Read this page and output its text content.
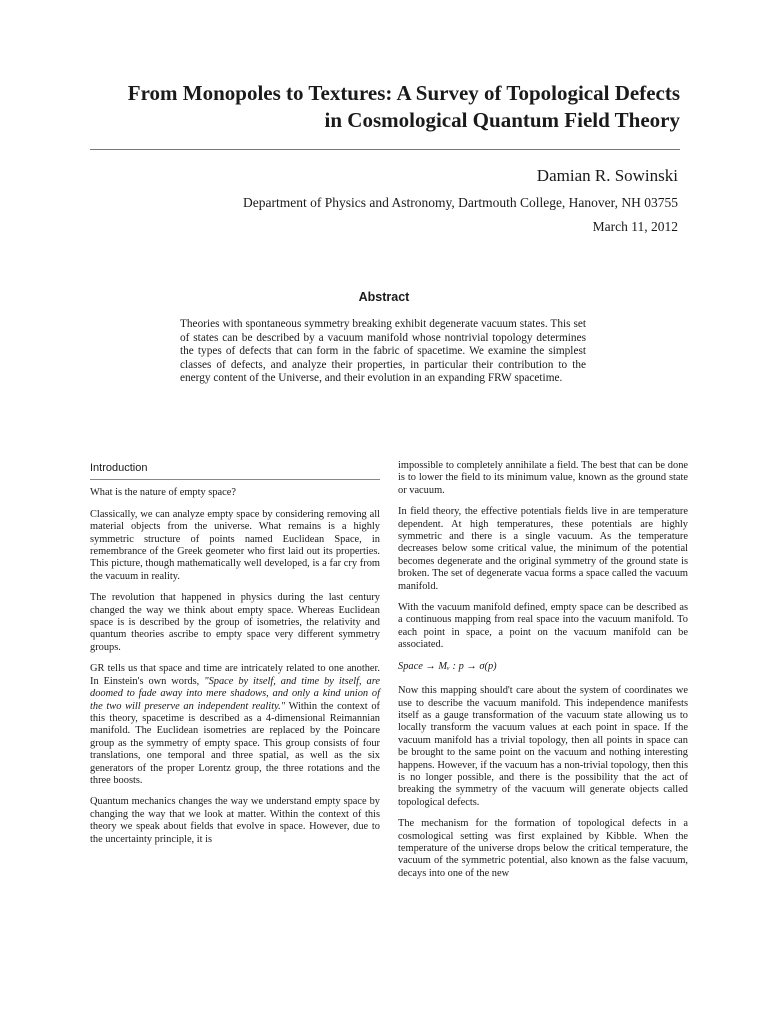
From Monopoles to Textures: A Survey of Topological Defects
in Cosmological Quantum Field Theory
Damian R. Sowinski
Department of Physics and Astronomy, Dartmouth College, Hanover, NH 03755
March 11, 2012
Abstract

Theories with spontaneous symmetry breaking exhibit degenerate vacuum states. This set of states can be described by a vacuum manifold whose nontrivial topology determines the types of defects that can form in the fabric of spacetime. We examine the simplest classes of defects, and analyze their properties, in particular their contribution to the energy content of the Universe, and their evolution in an expanding FRW spacetime.

Introduction

What is the nature of empty space?

Classically, we can analyze empty space by considering removing all material objects from the universe. What remains is a highly symmetric structure of points named Euclidean Space, in remembrance of the Greek geometer who first laid out its properties. This picture, though mathematically well developed, is a far cry from the vacuum in reality.

The revolution that happened in physics during the last century changed the way we think about empty space. Whereas Euclidean space is is described by the group of isometries, the relativity and quantum theories ascribe to empty space very different symmetry groups.

GR tells us that space and time are intricately related to one another. In Einstein's own words, "Space by itself, and time by itself, are doomed to fade away into mere shadows, and only a kind union of the two will preserve an independent reality." Within the context of this theory, spacetime is described as a 4-dimensional Reimannian manifold. The Euclidean isometries are replaced by the Poincare group as the symmetry of empty space. This group consists of four translations, one temporal and three spatial, as well as the six generators of the proper Lorentz group, the three rotations and the three boosts.

Quantum mechanics changes the way we understand empty space by changing the way that we look at matter. Within the context of this theory we speak about fields that evolve in space. However, due to the uncertainty principle, it is

impossible to completely annihilate a field. The best that can be done is to lower the field to its minimum value, known as the ground state or vacuum.

In field theory, the effective potentials fields live in are temperature dependent. At high temperatures, these potentials are highly symmetric and there is a single vacuum. As the temperature decreases below some critical value, the minimum of the potential becomes degenerate and the original symmetry of the ground state is broken. The set of degenerate vacua forms a space called the vacuum manifold.

With the vacuum manifold defined, empty space can be described as a continuous mapping from real space into the vacuum manifold. To each point in space, a point on the vacuum manifold can be associated.

Space → Mᵥ : p → σ(p)

Now this mapping should't care about the system of coordinates we use to describe the vacuum manifold. This independence manifests itself as a gauge transformation of the vacuum state allowing us to locally transform the vacuum values at each point in space. If the vacuum manifold has a trivial topology, then all points in space can be brought to the same point on the vacuum and nothing interesting happens. However, if the vacuum has a non-trivial topology, then this is no longer possible, and there is the possibility that the act of breaking the symmetry of the vacuum will generate objects called topological defects.

The mechanism for the formation of topological defects in a cosmological setting was first explained by Kibble. When the temperature of the universe drops below the critical temperature, the vacuum of the symmetric potential, also known as the false vacuum, decays into one of the new
